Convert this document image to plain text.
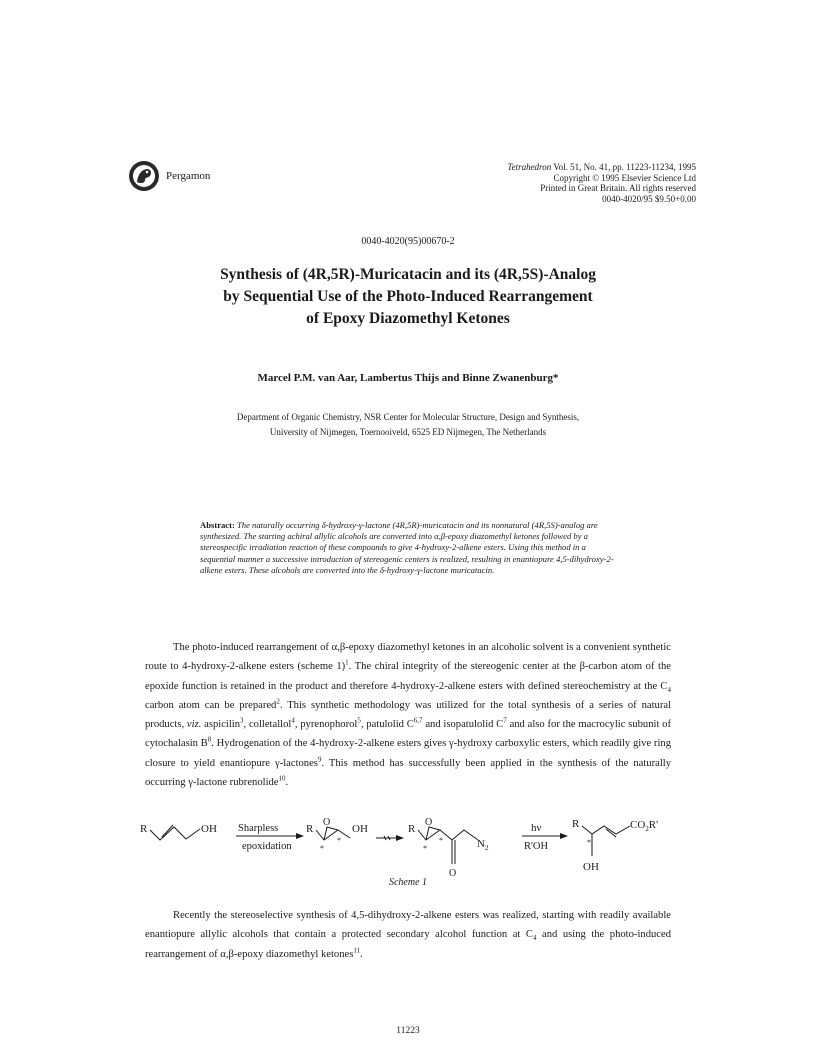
Pergamon
Tetrahedron Vol. 51, No. 41, pp. 11223-11234, 1995
Copyright © 1995 Elsevier Science Ltd
Printed in Great Britain. All rights reserved
0040-4020/95 $9.50+0.00
0040-4020(95)00670-2
Synthesis of (4R,5R)-Muricatacin and its (4R,5S)-Analog
by Sequential Use of the Photo-Induced Rearrangement
of Epoxy Diazomethyl Ketones
Marcel P.M. van Aar, Lambertus Thijs and Binne Zwanenburg*
Department of Organic Chemistry, NSR Center for Molecular Structure, Design and Synthesis,
University of Nijmegen, Toernooiveld, 6525 ED Nijmegen, The Netherlands
Abstract: The naturally occurring δ-hydroxy-γ-lactone (4R,5R)-muricatacin and its nonnatural (4R,5S)-analog are synthesized. The starting achiral allylic alcohols are converted into α,β-epoxy diazomethyl ketones followed by a stereospecific irradiation reaction of these compounds to give 4-hydroxy-2-alkene esters. Using this method in a sequential manner a successive introduction of stereogenic centers is realized, resulting in enantiopure 4,5-dihydroxy-2-alkene esters. These alcohols are converted into the δ-hydroxy-γ-lactone muricatacin.
The photo-induced rearrangement of α,β-epoxy diazomethyl ketones in an alcoholic solvent is a convenient synthetic route to 4-hydroxy-2-alkene esters (scheme 1)$^1$. The chiral integrity of the stereogenic center at the β-carbon atom of the epoxide function is retained in the product and therefore 4-hydroxy-2-alkene esters with defined stereochemistry at the $C_4$ carbon atom can be prepared$^2$. This synthetic methodology was utilized for the total synthesis of a series of natural products, viz. aspicilin$^3$, colletallol$^4$, pyrenophorol$^5$, patulolid C$^{6,7}$ and isopatulolid $C^7$ and also for the macrocylic subunit of cytochalasin $B^8$. Hydrogenation of the 4-hydroxy-2-alkene esters gives γ-hydroxy carboxylic esters, which readily give ring closure to yield enantiopure γ-lactones$^9$. This method has successfully been applied in the synthesis of the naturally occurring γ-lactone rubrenolide$^{10}$.
R	OH Sharpless
epoxidation
R
O
*
*
OH	R
O
O
*
*	$N_2$
hν
R'OH
R
*
OH
$CO_2R'$
Scheme 1
Recently the stereoselective synthesis of 4,5-dihydroxy-2-alkene esters was realized, starting with readily available enantiopure allylic alcohols that contain a protected secondary alcohol function at $C_4$ and using the photo-induced rearrangement of α,β-epoxy diazomethyl ketones$^{11}$.
11223
